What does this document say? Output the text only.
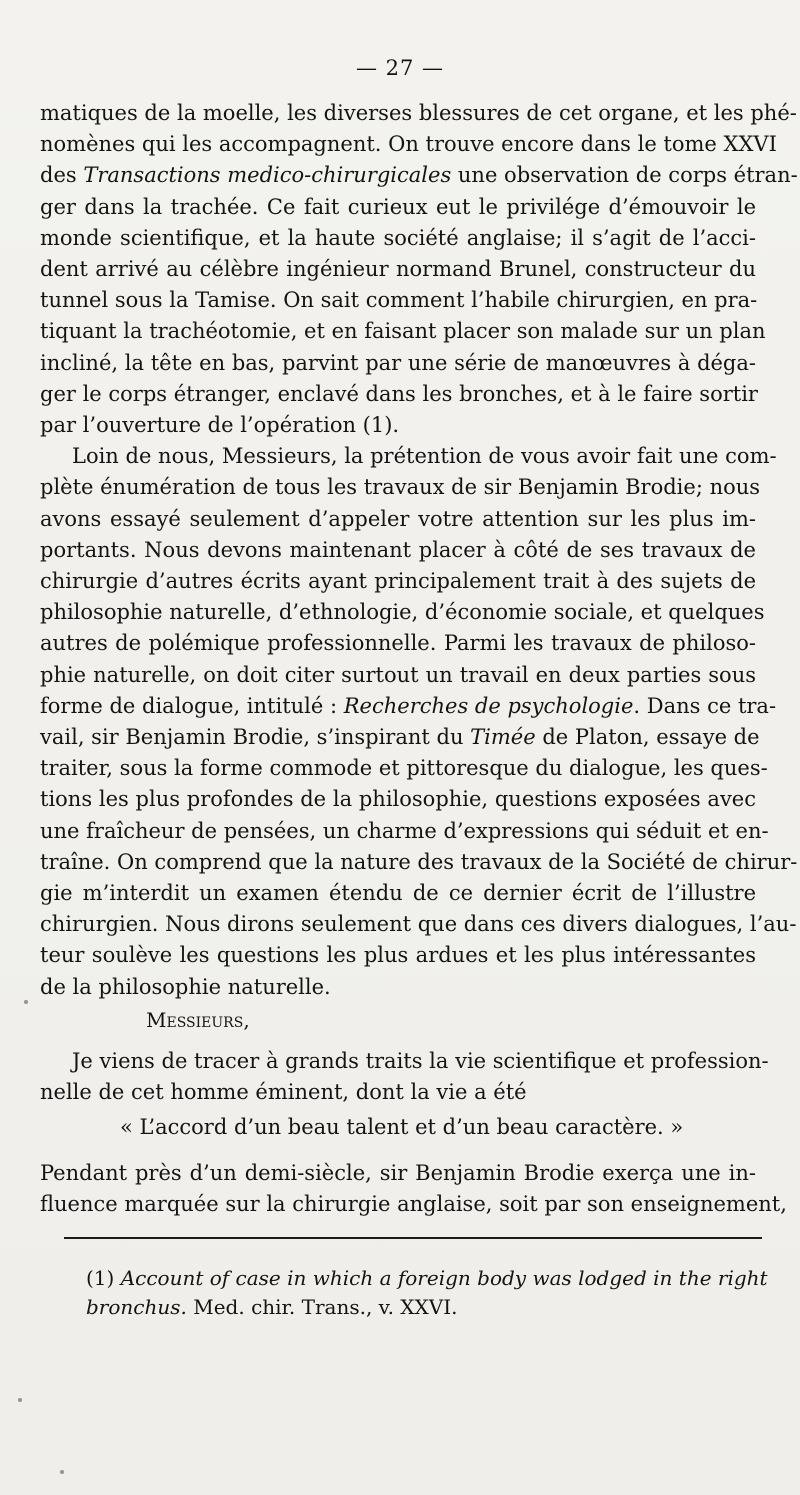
— 27 —
matiques de la moelle, les diverses blessures de cet organe, et les phé-
nomènes qui les accompagnent. On trouve encore dans le tome XXVI
des Transactions medico-chirurgicales une observation de corps étran-
ger dans la trachée. Ce fait curieux eut le privilége d’émouvoir le
monde scientifique, et la haute société anglaise; il s’agit de l’acci-
dent arrivé au célèbre ingénieur normand Brunel, constructeur du
tunnel sous la Tamise. On sait comment l’habile chirurgien, en pra-
tiquant la trachéotomie, et en faisant placer son malade sur un plan
incliné, la tête en bas, parvint par une série de manœuvres à déga-
ger le corps étranger, enclavé dans les bronches, et à le faire sortir
par l’ouverture de l’opération (1).
Loin de nous, Messieurs, la prétention de vous avoir fait une com-
plète énumération de tous les travaux de sir Benjamin Brodie; nous
avons essayé seulement d’appeler votre attention sur les plus im-
portants. Nous devons maintenant placer à côté de ses travaux de
chirurgie d’autres écrits ayant principalement trait à des sujets de
philosophie naturelle, d’ethnologie, d’économie sociale, et quelques
autres de polémique professionnelle. Parmi les travaux de philoso-
phie naturelle, on doit citer surtout un travail en deux parties sous
forme de dialogue, intitulé : Recherches de psychologie. Dans ce tra-
vail, sir Benjamin Brodie, s’inspirant du Timée de Platon, essaye de
traiter, sous la forme commode et pittoresque du dialogue, les ques-
tions les plus profondes de la philosophie, questions exposées avec
une fraîcheur de pensées, un charme d’expressions qui séduit et en-
traîne. On comprend que la nature des travaux de la Société de chirur-
gie m’interdit un examen étendu de ce dernier écrit de l’illustre
chirurgien. Nous dirons seulement que dans ces divers dialogues, l’au-
teur soulève les questions les plus ardues et les plus intéressantes
de la philosophie naturelle.
Messieurs,
Je viens de tracer à grands traits la vie scientifique et profession-
nelle de cet homme éminent, dont la vie a été
« L’accord d’un beau talent et d’un beau caractère. »
Pendant près d’un demi-siècle, sir Benjamin Brodie exerça une in-
fluence marquée sur la chirurgie anglaise, soit par son enseignement,
(1) Account of case in which a foreign body was lodged in the right
bronchus. Med. chir. Trans., v. XXVI.
